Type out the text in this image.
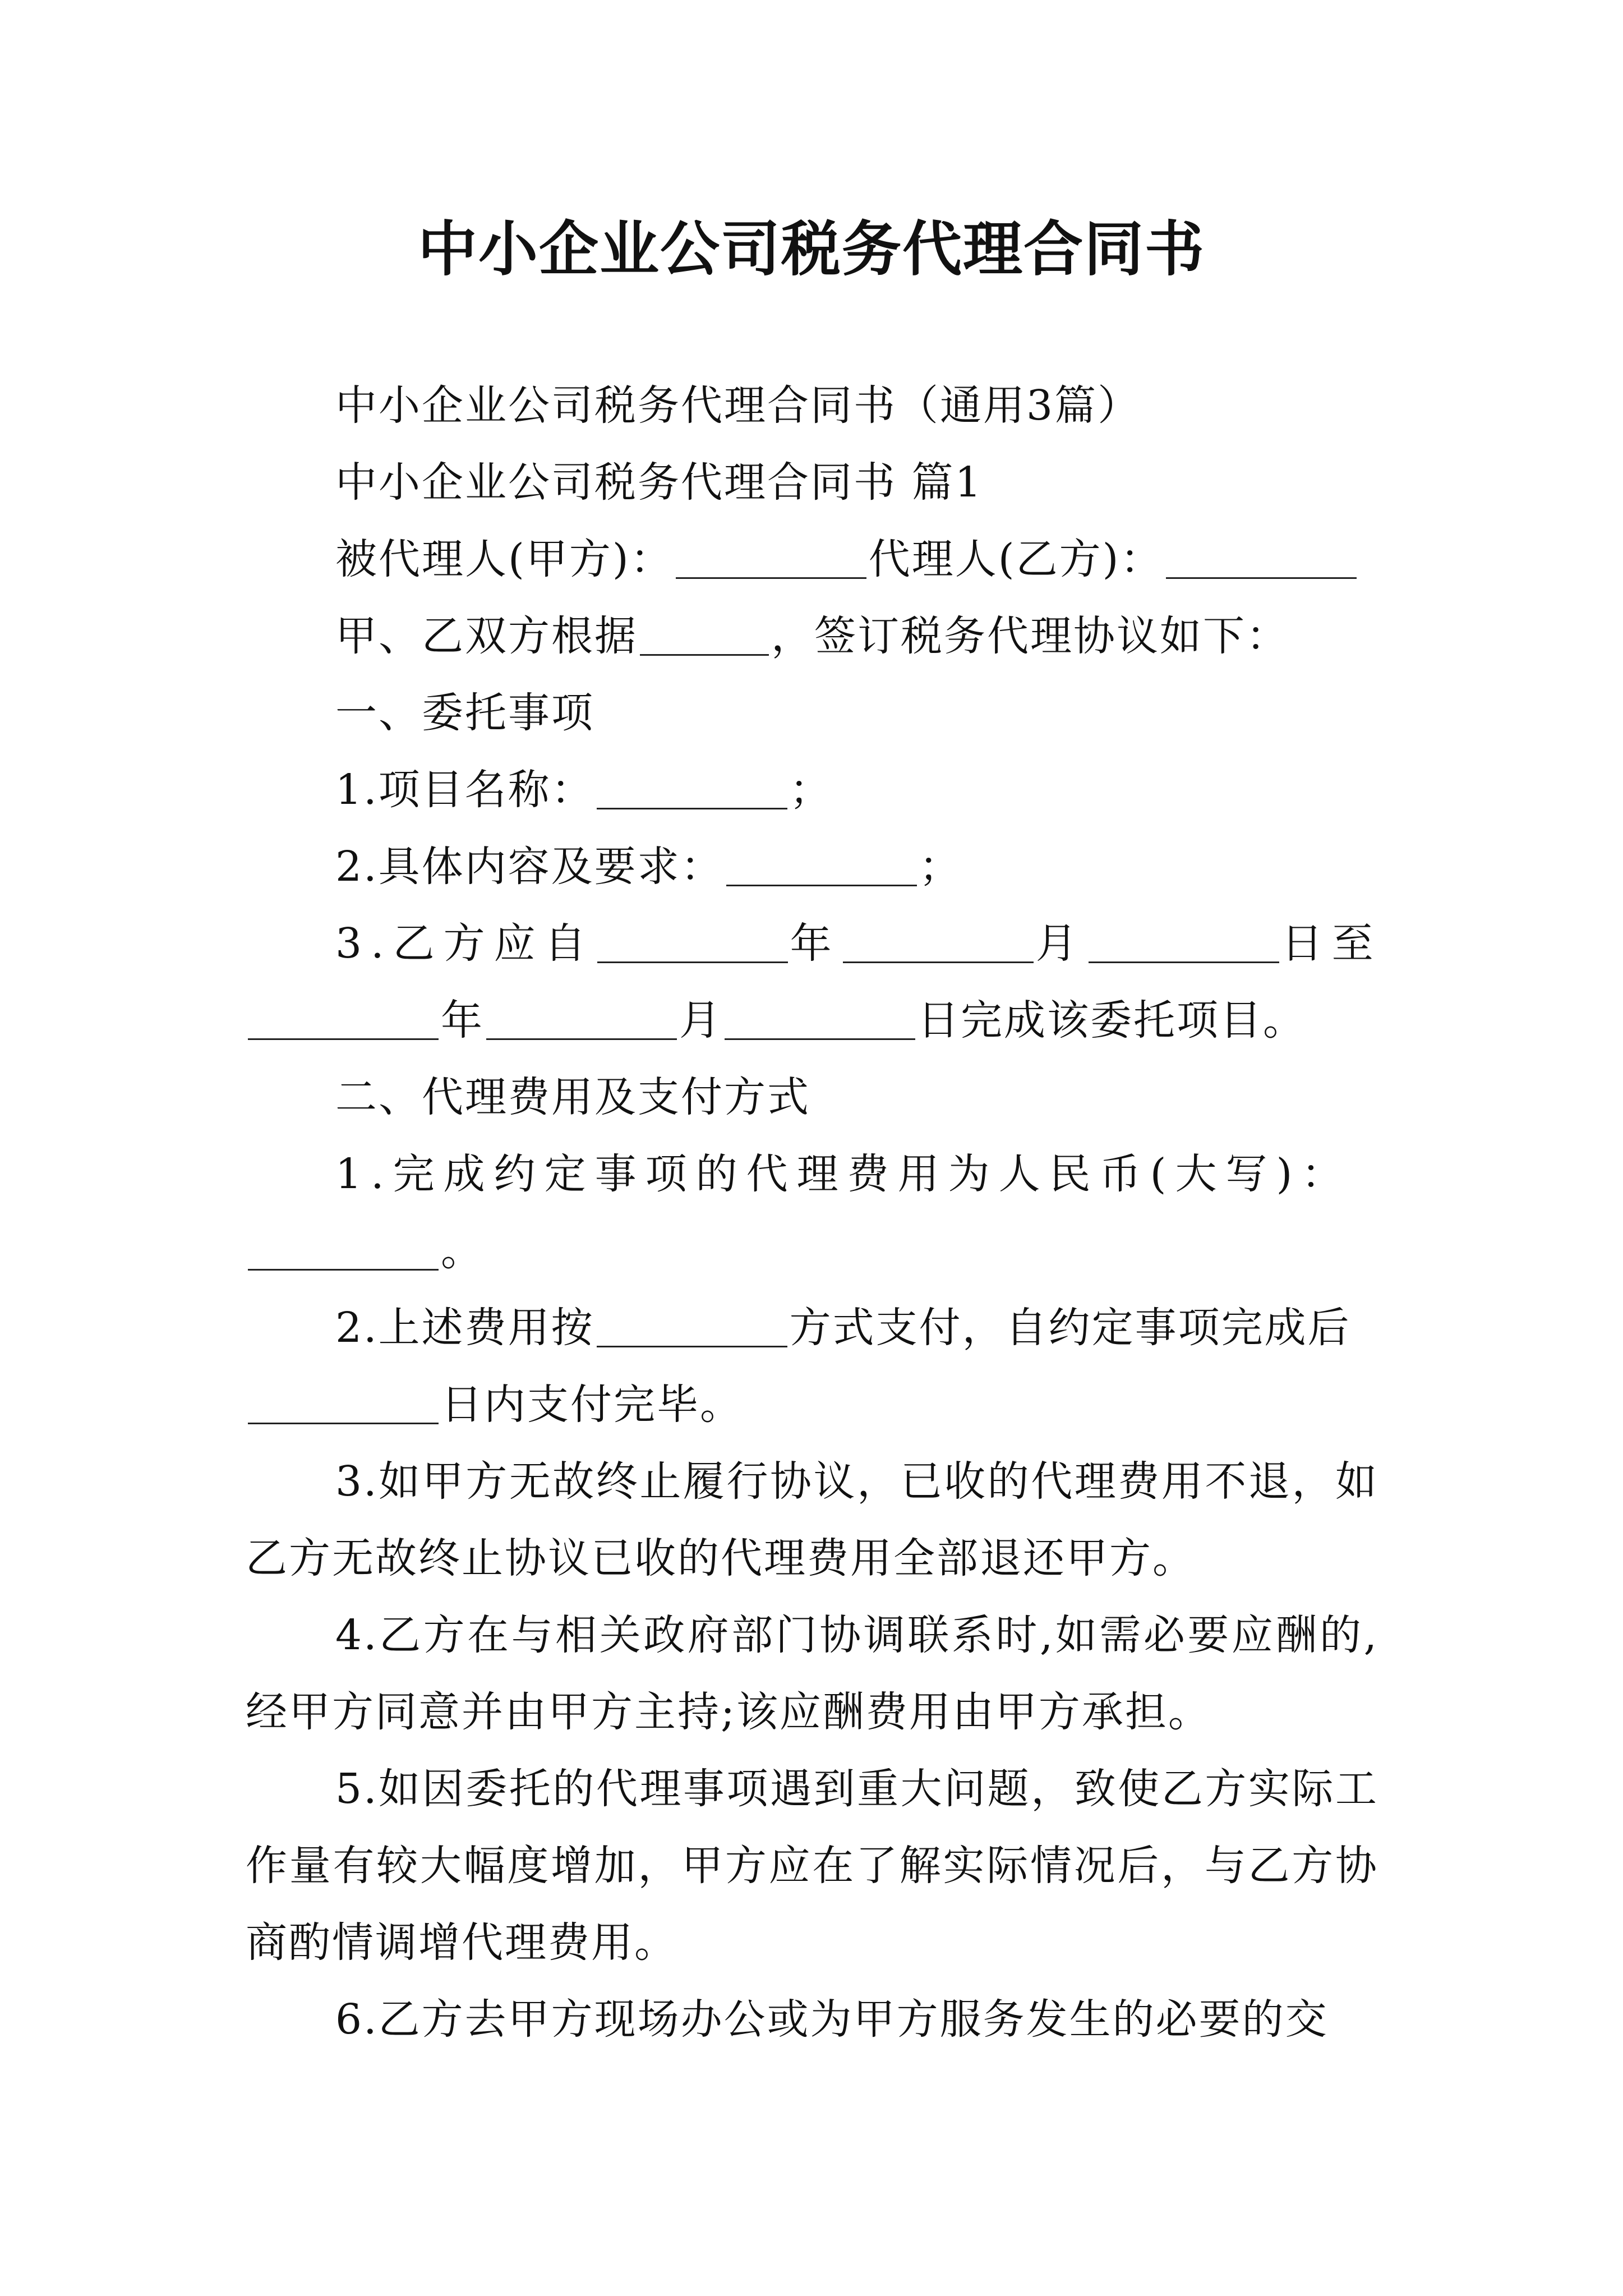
中小企业公司税务代理合同书

中小企业公司税务代理合同书（通用3篇）

中小企业公司税务代理合同书 篇1

被代理人(甲方)：	代理人(乙方)：

甲、乙双方根据	，签订税务代理协议如下：

一、委托事项

1.项目名称：	；

2.具体内容及要求：	；

3.乙方应自	年	月	日至

年	月	日完成该委托项目。

二、代理费用及支付方式

1.完成约定事项的代理费用为人民币(大写)：

。

2.上述费用按	方式支付，自约定事项完成后

日内支付完毕。

3.如甲方无故终止履行协议，已收的代理费用不退，如乙方无故终止协议已收的代理费用全部退还甲方。

4.乙方在与相关政府部门协调联系时,如需必要应酬的,经甲方同意并由甲方主持;该应酬费用由甲方承担。

5.如因委托的代理事项遇到重大问题，致使乙方实际工作量有较大幅度增加，甲方应在了解实际情况后，与乙方协商酌情调增代理费用。

6.乙方去甲方现场办公或为甲方服务发生的必要的交
